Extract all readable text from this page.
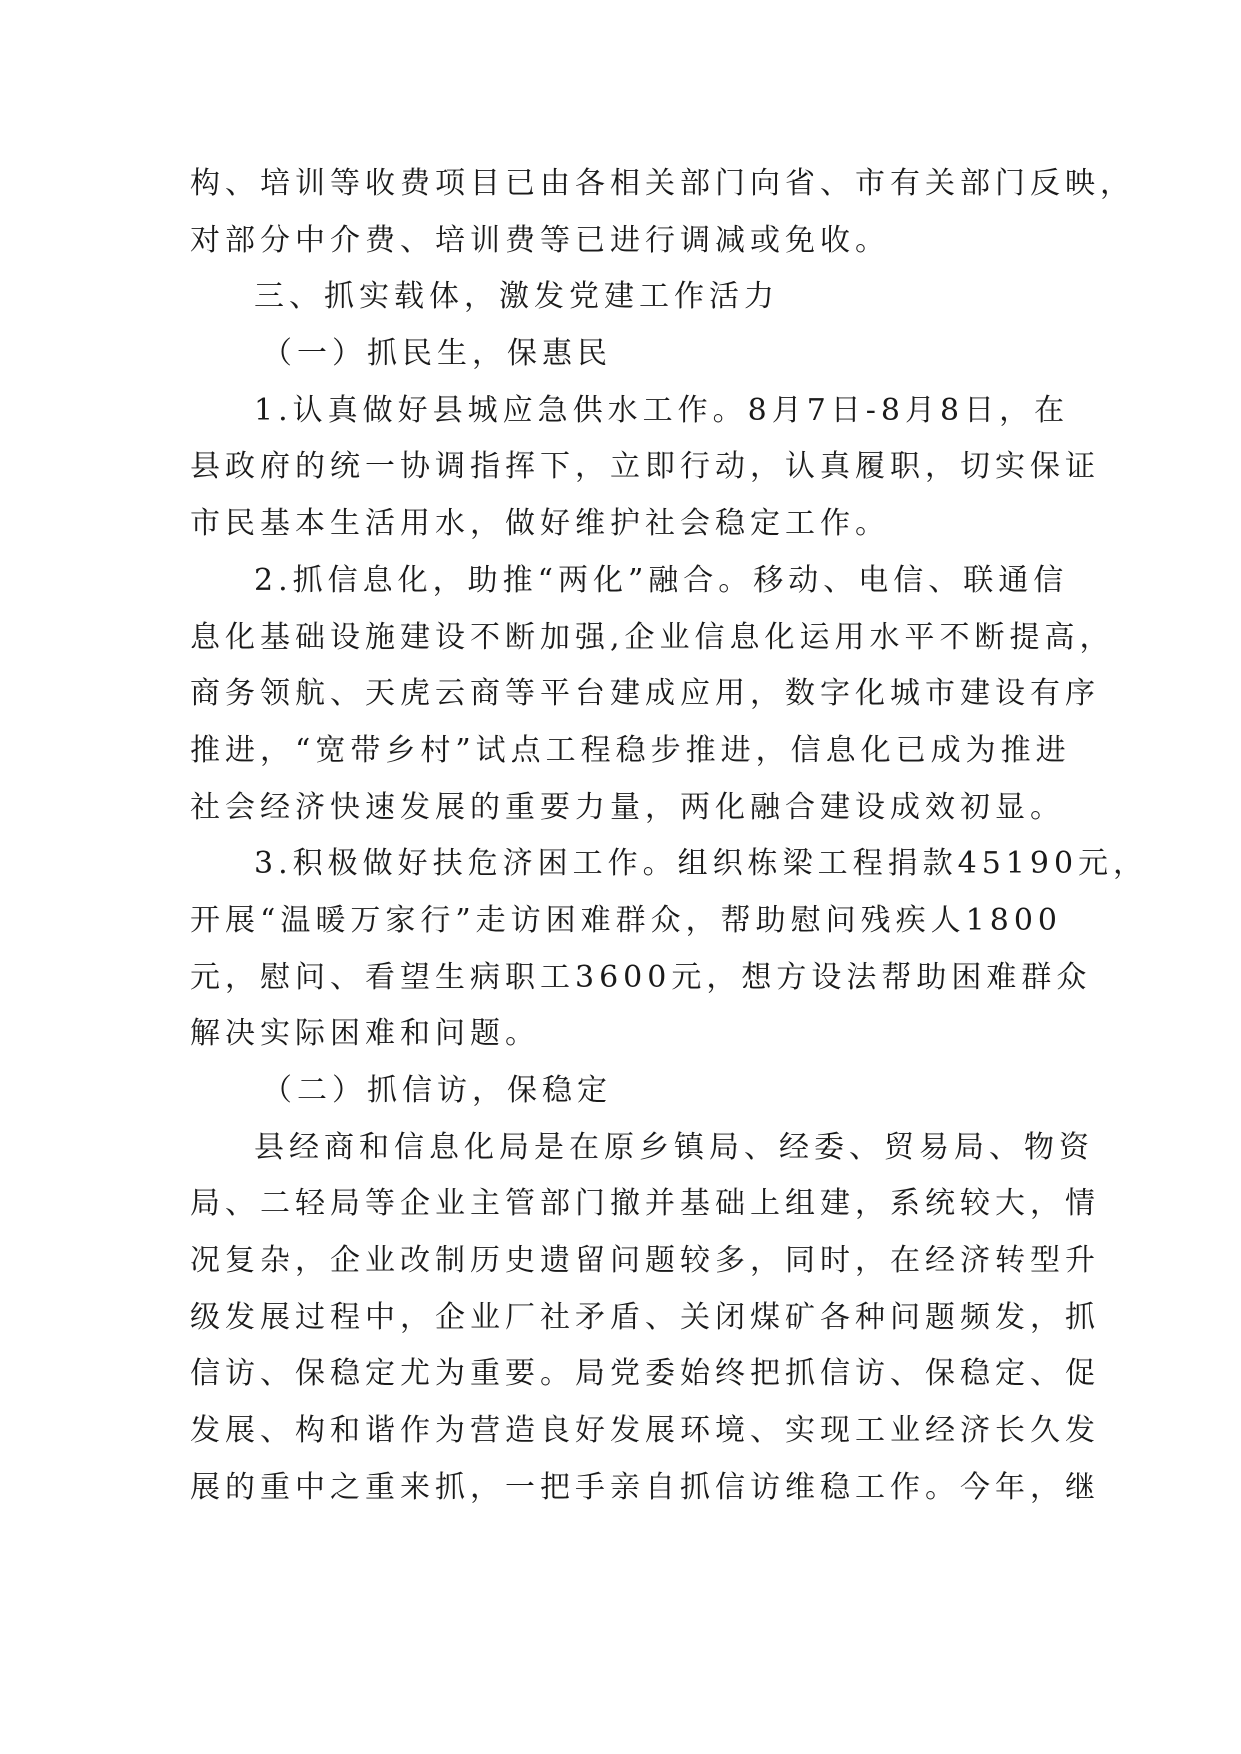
构、培训等收费项目已由各相关部门向省、市有关部门反映，
对部分中介费、培训费等已进行调减或免收。
三、抓实载体，激发党建工作活力
（一）抓民生，保惠民
1.认真做好县城应急供水工作。8月7日-8月8日，在
县政府的统一协调指挥下，立即行动，认真履职，切实保证
市民基本生活用水，做好维护社会稳定工作。
2.抓信息化，助推“两化”融合。移动、电信、联通信
息化基础设施建设不断加强,企业信息化运用水平不断提高，
商务领航、天虎云商等平台建成应用，数字化城市建设有序
推进，“宽带乡村”试点工程稳步推进，信息化已成为推进
社会经济快速发展的重要力量，两化融合建设成效初显。
3.积极做好扶危济困工作。组织栋梁工程捐款45190元，
开展“温暖万家行”走访困难群众，帮助慰问残疾人1800
元，慰问、看望生病职工3600元，想方设法帮助困难群众
解决实际困难和问题。
（二）抓信访，保稳定
县经商和信息化局是在原乡镇局、经委、贸易局、物资
局、二轻局等企业主管部门撤并基础上组建，系统较大，情
况复杂，企业改制历史遗留问题较多，同时，在经济转型升
级发展过程中，企业厂社矛盾、关闭煤矿各种问题频发，抓
信访、保稳定尤为重要。局党委始终把抓信访、保稳定、促
发展、构和谐作为营造良好发展环境、实现工业经济长久发
展的重中之重来抓，一把手亲自抓信访维稳工作。今年，继
